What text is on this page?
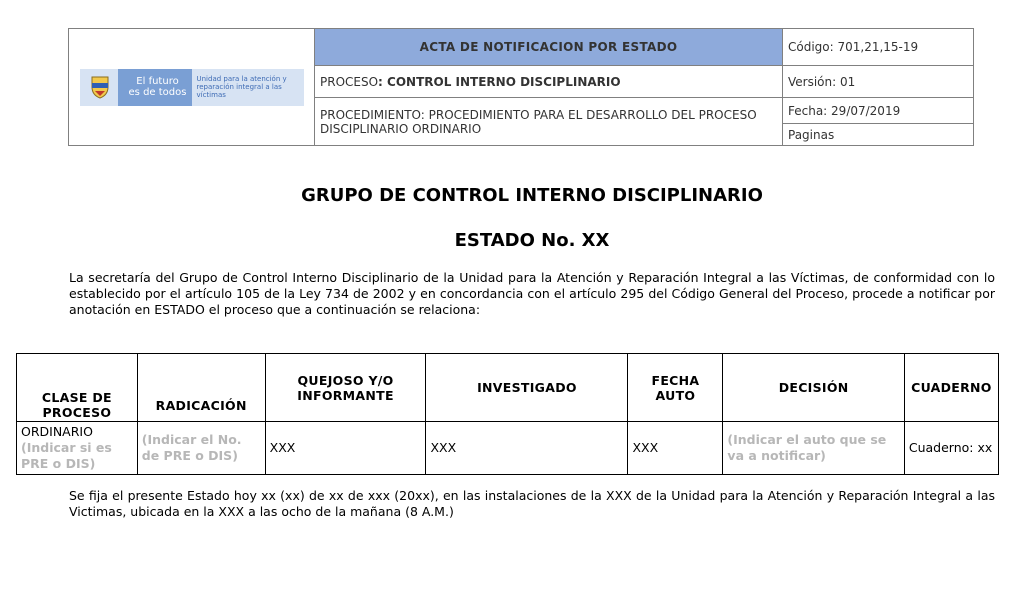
El futuro
es de todos
Unidad para la atención y reparación integral a las víctimas	ACTA DE NOTIFICACION POR ESTADO	Código: 701,21,15-19
	PROCESO: CONTROL INTERNO DISCIPLINARIO	Versión: 01
	PROCEDIMIENTO: PROCEDIMIENTO PARA EL DESARROLLO DEL PROCESO DISCIPLINARIO ORDINARIO	Fecha: 29/07/2019
		Paginas
GRUPO DE CONTROL INTERNO DISCIPLINARIO
ESTADO No. XX
La secretaría del Grupo de Control Interno Disciplinario de la Unidad para la Atención y Reparación Integral a las Víctimas, de conformidad con lo establecido por el artículo 105 de la Ley 734 de 2002 y en concordancia con el artículo 295 del Código General del Proceso, procede a notificar por anotación en ESTADO el proceso que a continuación se relaciona:
CLASE DE PROCESO	RADICACIÓN	QUEJOSO Y/O INFORMANTE	INVESTIGADO	FECHA AUTO	DECISIÓN	CUADERNO

ORDINARIO
(Indicar si es PRE o DIS)	(Indicar el No. de PRE o DIS)	XXX	XXX	XXX	(Indicar el auto que se va a notificar)	Cuaderno: xx
Se fija el presente Estado hoy xx (xx) de xx de xxx (20xx), en las instalaciones de la XXX de la Unidad para la Atención y Reparación Integral a las Victimas, ubicada en la XXX a las ocho de la mañana (8 A.M.)
